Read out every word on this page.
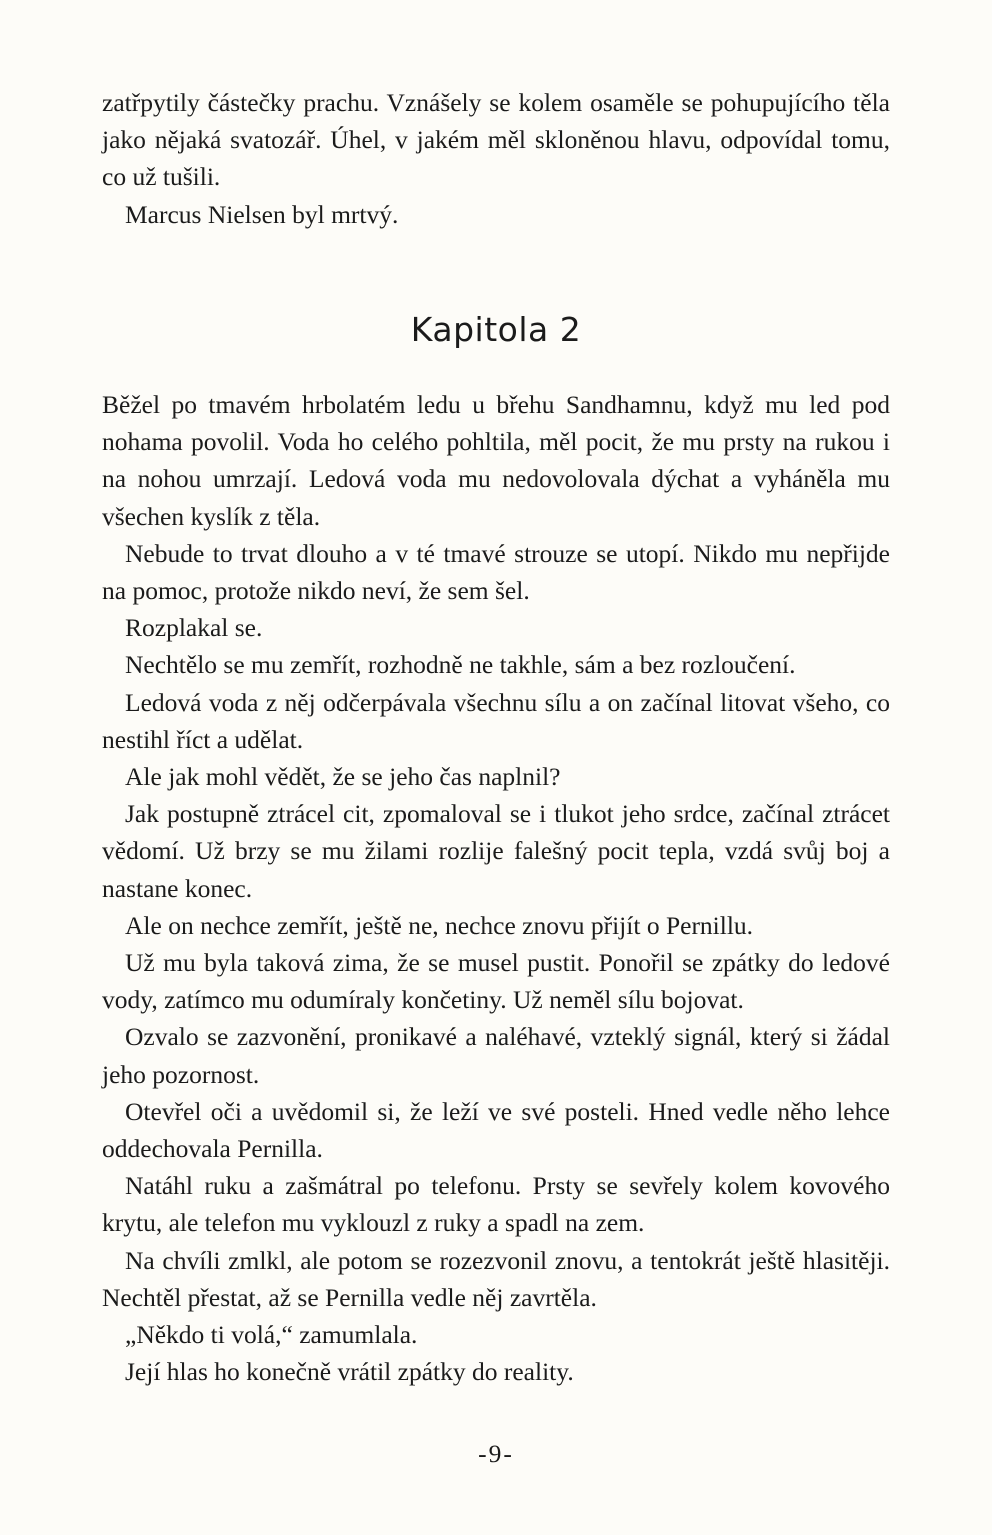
zatřpytily částečky prachu. Vznášely se kolem osaměle se pohupujícího těla jako nějaká svatozář. Úhel, v jakém měl skloněnou hlavu, odpovídal tomu, co už tušili.

Marcus Nielsen byl mrtvý.

Kapitola 2

Běžel po tmavém hrbolatém ledu u břehu Sandhamnu, když mu led pod nohama povolil. Voda ho celého pohltila, měl pocit, že mu prsty na rukou i na nohou umrzají. Ledová voda mu nedovolovala dýchat a vyháněla mu všechen kyslík z těla.

Nebude to trvat dlouho a v té tmavé strouze se utopí. Nikdo mu nepřijde na pomoc, protože nikdo neví, že sem šel.

Rozplakal se.

Nechtělo se mu zemřít, rozhodně ne takhle, sám a bez rozloučení.

Ledová voda z něj odčerpávala všechnu sílu a on začínal litovat všeho, co nestihl říct a udělat.

Ale jak mohl vědět, že se jeho čas naplnil?

Jak postupně ztrácel cit, zpomaloval se i tlukot jeho srdce, začínal ztrácet vědomí. Už brzy se mu žilami rozlije falešný pocit tepla, vzdá svůj boj a nastane konec.

Ale on nechce zemřít, ještě ne, nechce znovu přijít o Pernillu.

Už mu byla taková zima, že se musel pustit. Ponořil se zpátky do ledové vody, zatímco mu odumíraly končetiny. Už neměl sílu bojovat.

Ozvalo se zazvonění, pronikavé a naléhavé, vzteklý signál, který si žádal jeho pozornost.

Otevřel oči a uvědomil si, že leží ve své posteli. Hned vedle něho lehce oddechovala Pernilla.

Natáhl ruku a zašmátral po telefonu. Prsty se sevřely kolem kovového krytu, ale telefon mu vyklouzl z ruky a spadl na zem.

Na chvíli zmlkl, ale potom se rozezvonil znovu, a tentokrát ještě hlasitěji. Nechtěl přestat, až se Pernilla vedle něj zavrtěla.

„Někdo ti volá,“ zamumlala.

Její hlas ho konečně vrátil zpátky do reality.

-9-
